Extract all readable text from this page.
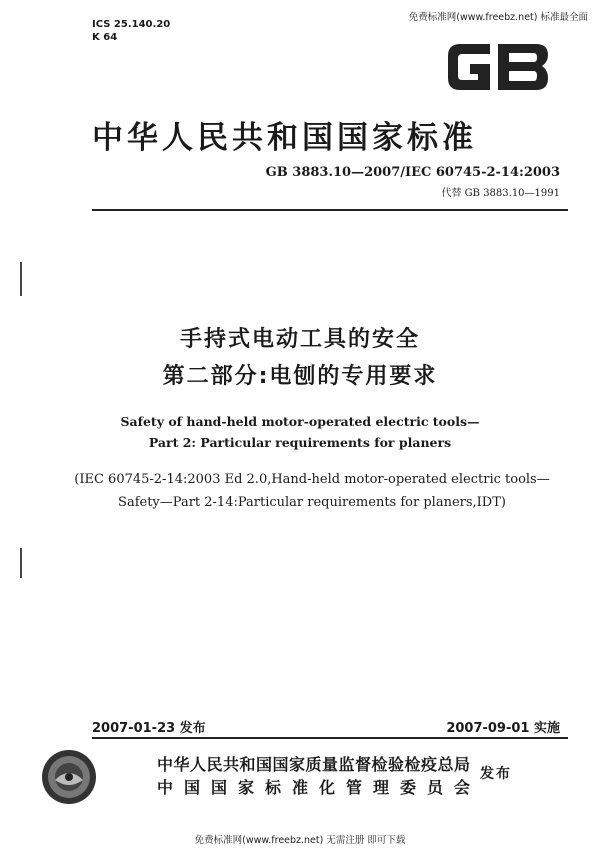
免费标准网(www.freebz.net) 标准最全面
ICS 25.140.20
K 64
中华人民共和国国家标准
GB 3883.10—2007/IEC 60745-2-14:2003
代替 GB 3883.10—1991
手持式电动工具的安全
第二部分:电刨的专用要求
Safety of hand-held motor-operated electric tools—
Part 2: Particular requirements for planers
(IEC 60745-2-14:2003 Ed 2.0,Hand-held motor-operated electric tools—
Safety—Part 2-14:Particular requirements for planers,IDT)
2007-01-23 发布	2007-09-01 实施
中华人民共和国国家质量监督检验检疫总局
中国国家标准化管理委员会
发布
免费标准网(www.freebz.net) 无需注册 即可下载
